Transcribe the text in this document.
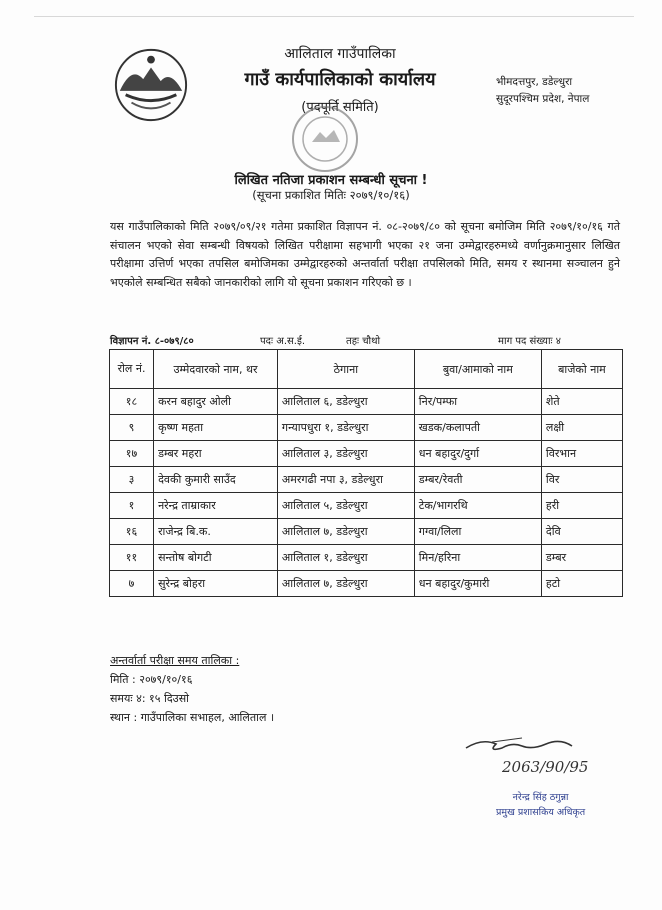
आलिताल गाउँपालिका
गाउँ कार्यपालिकाको कार्यालय
(पदपूर्ति समिति)
भीमदत्तपुर, डडेल्धुरा
सुदूरपश्चिम प्रदेश, नेपाल
लिखित नतिजा प्रकाशन सम्बन्धी सूचना !
(सूचना प्रकाशित मितिः २०७९/१०/१६)
यस गाउँपालिकाको मिति २०७९/०९/२१ गतेमा प्रकाशित विज्ञापन नं. ०८-२०७९/८० को सूचना बमोजिम मिति २०७९/१०/१६ गते संचालन भएको सेवा सम्बन्धी विषयको लिखित परीक्षामा सहभागी भएका २१ जना उम्मेद्वारहरुमध्ये वर्णानुक्रमानुसार लिखित परीक्षामा उत्तिर्ण भएका तपसिल बमोजिमका उम्मेद्वारहरुको अन्तर्वार्ता परीक्षा तपसिलको मिति, समय र स्थानमा सञ्चालन हुने भएकोले सम्बन्धित सबैको जानकारीको लागि यो सूचना प्रकाशन गरिएको छ ।
विज्ञापन नं. ८-०७९/८०	पदः अ.स.ई.	तहः चौथो	माग पद संख्याः ४
रोल नं.	उम्मेदवारको नाम, थर	ठेगाना	बुवा/आमाको नाम	बाजेको नाम
१८	करन बहादुर ओली	आलिताल ६, डडेल्धुरा	निर/पम्फा	शेते
९	कृष्ण महता	गन्यापधुरा १, डडेल्धुरा	खडक/कलापती	लक्षी
१७	डम्बर महरा	आलिताल ३, डडेल्धुरा	धन बहादुर/दुर्गा	विरभान
३	देवकी कुमारी साउँद	अमरगढी नपा ३, डडेल्धुरा	डम्बर/रेवती	विर
१	नरेन्द्र ताम्राकार	आलिताल ५, डडेल्धुरा	टेक/भागरथि	हरी
१६	राजेन्द्र बि.क.	आलिताल ७, डडेल्धुरा	गग्वा/लिला	देवि
११	सन्तोष बोगटी	आलिताल १, डडेल्धुरा	मिन/हरिना	डम्बर
७	सुरेन्द्र बोहरा	आलिताल ७, डडेल्धुरा	धन बहादुर/कुमारी	हटो
अन्तर्वार्ता परीक्षा समय तालिका :
मिति : २०७९/१०/१६
समयः ४: १५ दिउसो
स्थान : गाउँपालिका सभाहल, आलिताल ।
2063/90/95
नरेन्द्र सिंह ठगुन्ना
प्रमुख प्रशासकिय अधिकृत
